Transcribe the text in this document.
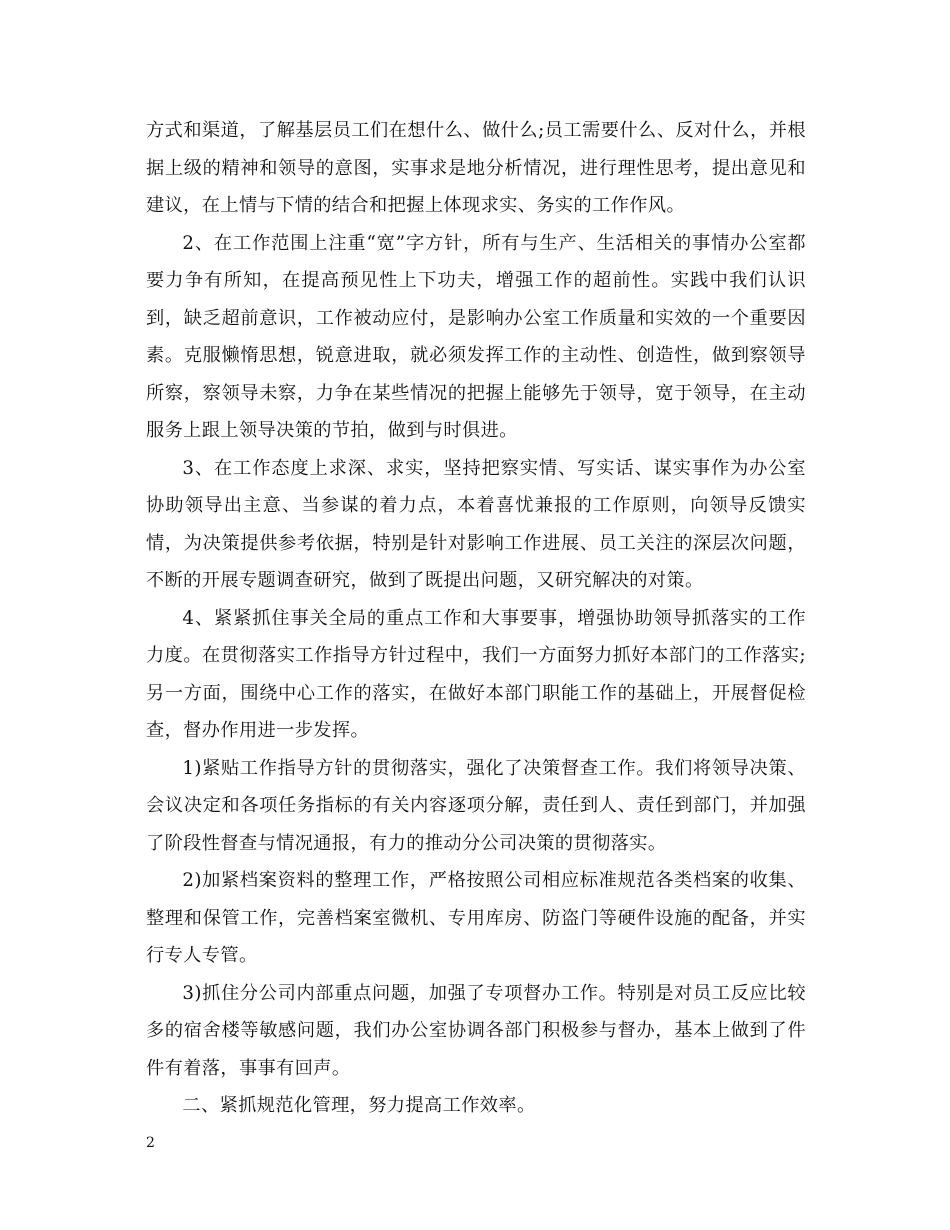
方式和渠道，了解基层员工们在想什么、做什么;员工需要什么、反对什么，并根据上级的精神和领导的意图，实事求是地分析情况，进行理性思考，提出意见和建议，在上情与下情的结合和把握上体现求实、务实的工作作风。

2、在工作范围上注重“宽”字方针，所有与生产、生活相关的事情办公室都要力争有所知，在提高预见性上下功夫，增强工作的超前性。实践中我们认识到，缺乏超前意识，工作被动应付，是影响办公室工作质量和实效的一个重要因素。克服懒惰思想，锐意进取，就必须发挥工作的主动性、创造性，做到察领导所察，察领导未察，力争在某些情况的把握上能够先于领导，宽于领导，在主动服务上跟上领导决策的节拍，做到与时俱进。

3、在工作态度上求深、求实，坚持把察实情、写实话、谋实事作为办公室协助领导出主意、当参谋的着力点，本着喜忧兼报的工作原则，向领导反馈实情，为决策提供参考依据，特别是针对影响工作进展、员工关注的深层次问题，不断的开展专题调查研究，做到了既提出问题，又研究解决的对策。

4、紧紧抓住事关全局的重点工作和大事要事，增强协助领导抓落实的工作力度。在贯彻落实工作指导方针过程中，我们一方面努力抓好本部门的工作落实;另一方面，围绕中心工作的落实，在做好本部门职能工作的基础上，开展督促检查，督办作用进一步发挥。

1)紧贴工作指导方针的贯彻落实，强化了决策督查工作。我们将领导决策、会议决定和各项任务指标的有关内容逐项分解，责任到人、责任到部门，并加强了阶段性督查与情况通报，有力的推动分公司决策的贯彻落实。

2)加紧档案资料的整理工作，严格按照公司相应标准规范各类档案的收集、整理和保管工作，完善档案室微机、专用库房、防盗门等硬件设施的配备，并实行专人专管。

3)抓住分公司内部重点问题，加强了专项督办工作。特别是对员工反应比较多的宿舍楼等敏感问题，我们办公室协调各部门积极参与督办，基本上做到了件件有着落，事事有回声。

二、紧抓规范化管理，努力提高工作效率。

2
